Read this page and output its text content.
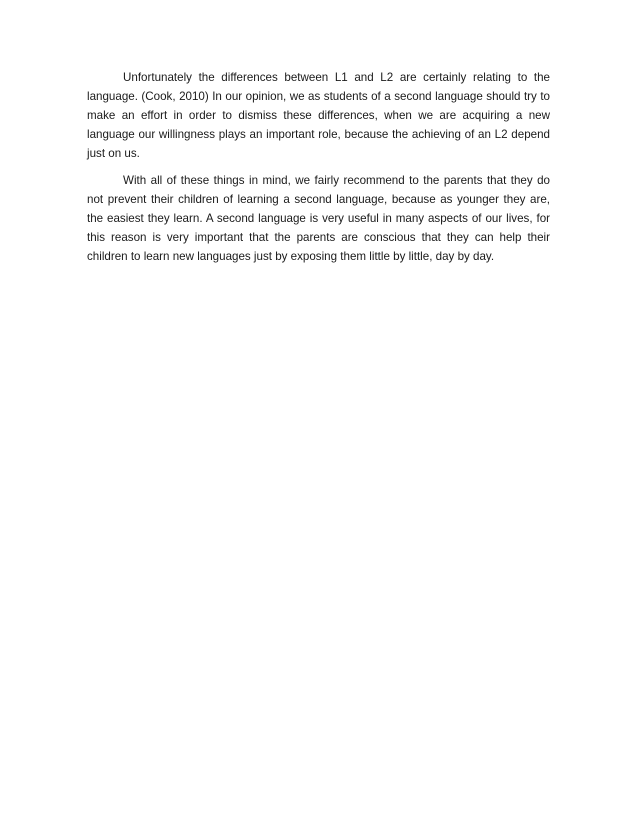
Unfortunately the differences between L1 and L2 are certainly relating to the language. (Cook, 2010) In our opinion, we as students of a second language should try to make an effort in order to dismiss these differences, when we are acquiring a new language our willingness plays an important role, because the achieving of an L2 depend just on us.

With all of these things in mind, we fairly recommend to the parents that they do not prevent their children of learning a second language, because as younger they are, the easiest they learn. A second language is very useful in many aspects of our lives, for this reason is very important that the parents are conscious that they can help their children to learn new languages just by exposing them little by little, day by day.
